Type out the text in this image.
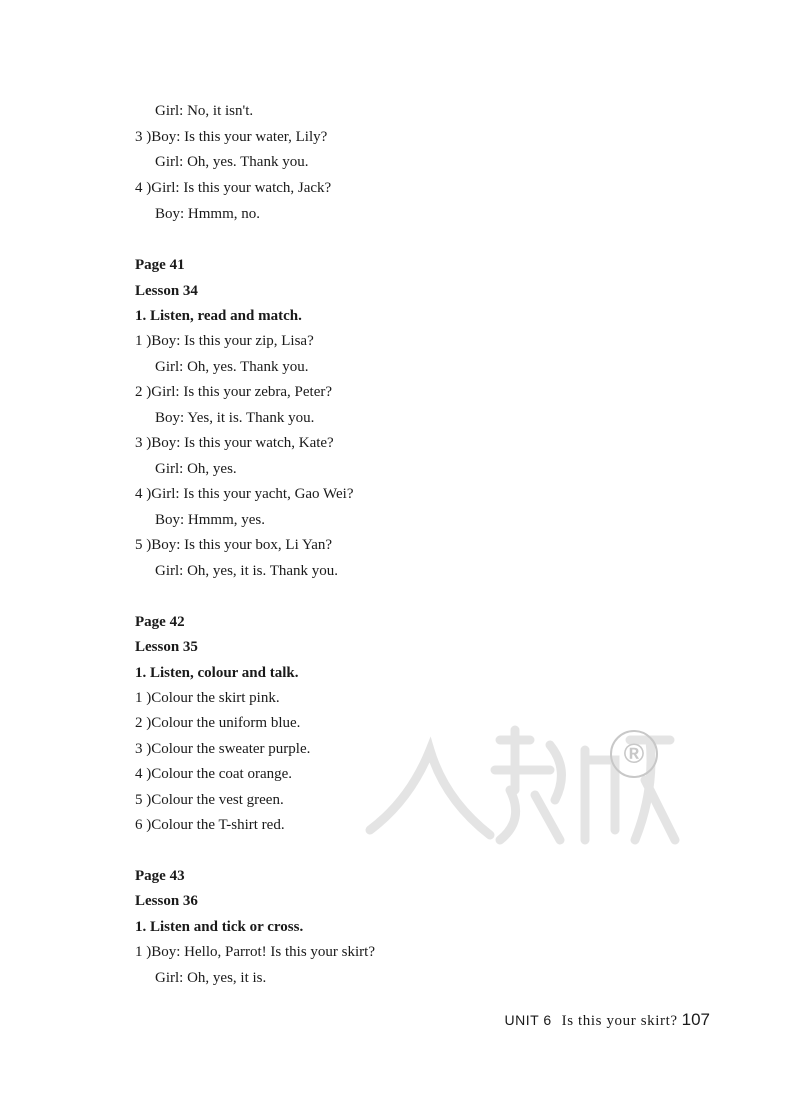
Girl: No, it isn't.
3 )Boy: Is this your water, Lily?
Girl: Oh, yes. Thank you.
4 )Girl: Is this your watch, Jack?
Boy: Hmmm, no.
Page 41
Lesson 34
1. Listen, read and match.
1 )Boy: Is this your zip, Lisa?
Girl: Oh, yes. Thank you.
2 )Girl: Is this your zebra, Peter?
Boy: Yes, it is. Thank you.
3 )Boy: Is this your watch, Kate?
Girl: Oh, yes.
4 )Girl: Is this your yacht, Gao Wei?
Boy: Hmmm, yes.
5 )Boy: Is this your box, Li Yan?
Girl: Oh, yes, it is. Thank you.
Page 42
Lesson 35
1. Listen, colour and talk.
1 )Colour the skirt pink.
2 )Colour the uniform blue.
3 )Colour the sweater purple.
4 )Colour the coat orange.
5 )Colour the vest green.
6 )Colour the T-shirt red.
Page 43
Lesson 36
1. Listen and tick or cross.
1 )Boy: Hello, Parrot! Is this your skirt?
Girl: Oh, yes, it is.
®
UNIT 6 Is this your skirt? 107
